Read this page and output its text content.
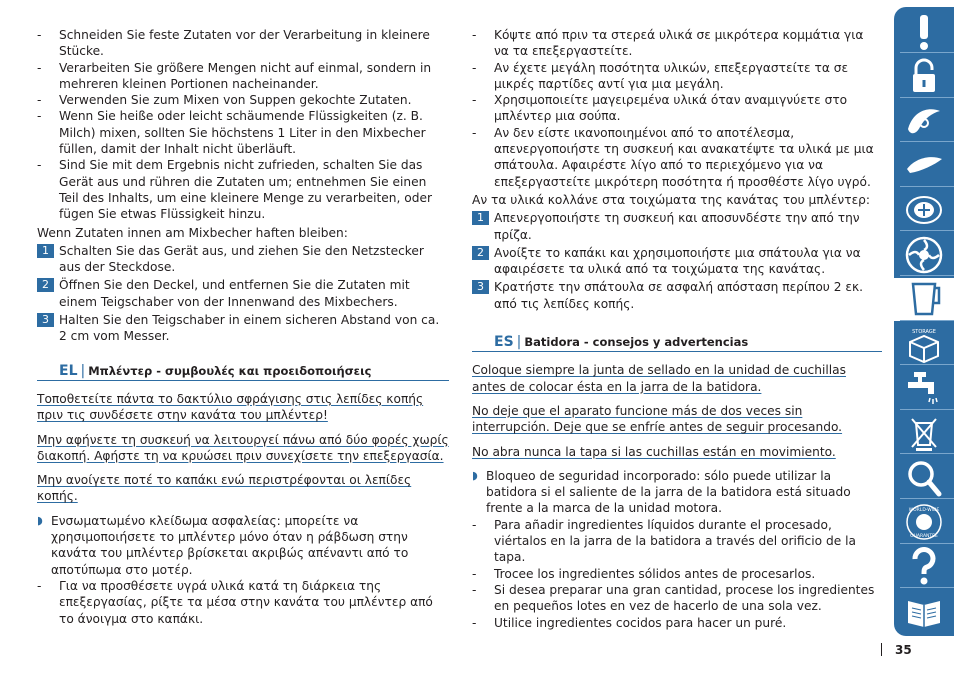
- Schneiden Sie feste Zutaten vor der Verarbeitung in kleinere Stücke.
- Verarbeiten Sie größere Mengen nicht auf einmal, sondern in mehreren kleinen Portionen nacheinander.
- Verwenden Sie zum Mixen von Suppen gekochte Zutaten.
- Wenn Sie heiße oder leicht schäumende Flüssigkeiten (z. B. Milch) mixen, sollten Sie höchstens 1 Liter in den Mixbecher füllen, damit der Inhalt nicht überläuft.
- Sind Sie mit dem Ergebnis nicht zufrieden, schalten Sie das Gerät aus und rühren die Zutaten um; entnehmen Sie einen Teil des Inhalts, um eine kleinere Menge zu verarbeiten, oder fügen Sie etwas Flüssigkeit hinzu.
Wenn Zutaten innen am Mixbecher haften bleiben:
1 Schalten Sie das Gerät aus, und ziehen Sie den Netzstecker aus der Steckdose.
2 Öffnen Sie den Deckel, und entfernen Sie die Zutaten mit einem Teigschaber von der Innenwand des Mixbechers.
3 Halten Sie den Teigschaber in einem sicheren Abstand von ca. 2 cm vom Messer.
EL | Μπλέντερ - συμβουλές και προειδοποιήσεις
Τοποθετείτε πάντα το δακτύλιο σφράγισης στις λεπίδες κοπής πριν τις συνδέσετε στην κανάτα του μπλέντερ!
Μην αφήνετε τη συσκευή να λειτουργεί πάνω από δύο φορές χωρίς διακοπή. Αφήστε τη να κρυώσει πριν συνεχίσετε την επεξεργασία.
Μην ανοίγετε ποτέ το καπάκι ενώ περιστρέφονται οι λεπίδες κοπής.
◗ Ενσωματωμένο κλείδωμα ασφαλείας: μπορείτε να χρησιμοποιήσετε το μπλέντερ μόνο όταν η ράβδωση στην κανάτα του μπλέντερ βρίσκεται ακριβώς απέναντι από το αποτύπωμα στο μοτέρ.
- Για να προσθέσετε υγρά υλικά κατά τη διάρκεια της επεξεργασίας, ρίξτε τα μέσα στην κανάτα του μπλέντερ από το άνοιγμα στο καπάκι.
- Κόψτε από πριν τα στερεά υλικά σε μικρότερα κομμάτια για να τα επεξεργαστείτε.
- Αν έχετε μεγάλη ποσότητα υλικών, επεξεργαστείτε τα σε μικρές παρτίδες αντί για μια μεγάλη.
- Χρησιμοποιείτε μαγειρεμένα υλικά όταν αναμιγνύετε στο μπλέντερ μια σούπα.
- Αν δεν είστε ικανοποιημένοι από το αποτέλεσμα, απενεργοποιήστε τη συσκευή και ανακατέψτε τα υλικά με μια σπάτουλα. Αφαιρέστε λίγο από το περιεχόμενο για να επεξεργαστείτε μικρότερη ποσότητα ή προσθέστε λίγο υγρό.
Αν τα υλικά κολλάνε στα τοιχώματα της κανάτας του μπλέντερ:
1 Απενεργοποιήστε τη συσκευή και αποσυνδέστε την από την πρίζα.
2 Ανοίξτε το καπάκι και χρησιμοποιήστε μια σπάτουλα για να αφαιρέσετε τα υλικά από τα τοιχώματα της κανάτας.
3 Κρατήστε την σπάτουλα σε ασφαλή απόσταση περίπου 2 εκ. από τις λεπίδες κοπής.
ES | Batidora - consejos y advertencias
Coloque siempre la junta de sellado en la unidad de cuchillas antes de colocar ésta en la jarra de la batidora.
No deje que el aparato funcione más de dos veces sin interrupción. Deje que se enfríe antes de seguir procesando.
No abra nunca la tapa si las cuchillas están en movimiento.
◗ Bloqueo de seguridad incorporado: sólo puede utilizar la batidora si el saliente de la jarra de la batidora está situado frente a la marca de la unidad motora.
- Para añadir ingredientes líquidos durante el procesado, viértalos en la jarra de la batidora a través del orificio de la tapa.
- Trocee los ingredientes sólidos antes de procesarlos.
- Si desea preparar una gran cantidad, procese los ingredientes en pequeños lotes en vez de hacerlo de una sola vez.
- Utilice ingredientes cocidos para hacer un puré.
STORAGE
WORLD-WIDE
GUARANTEE
35
